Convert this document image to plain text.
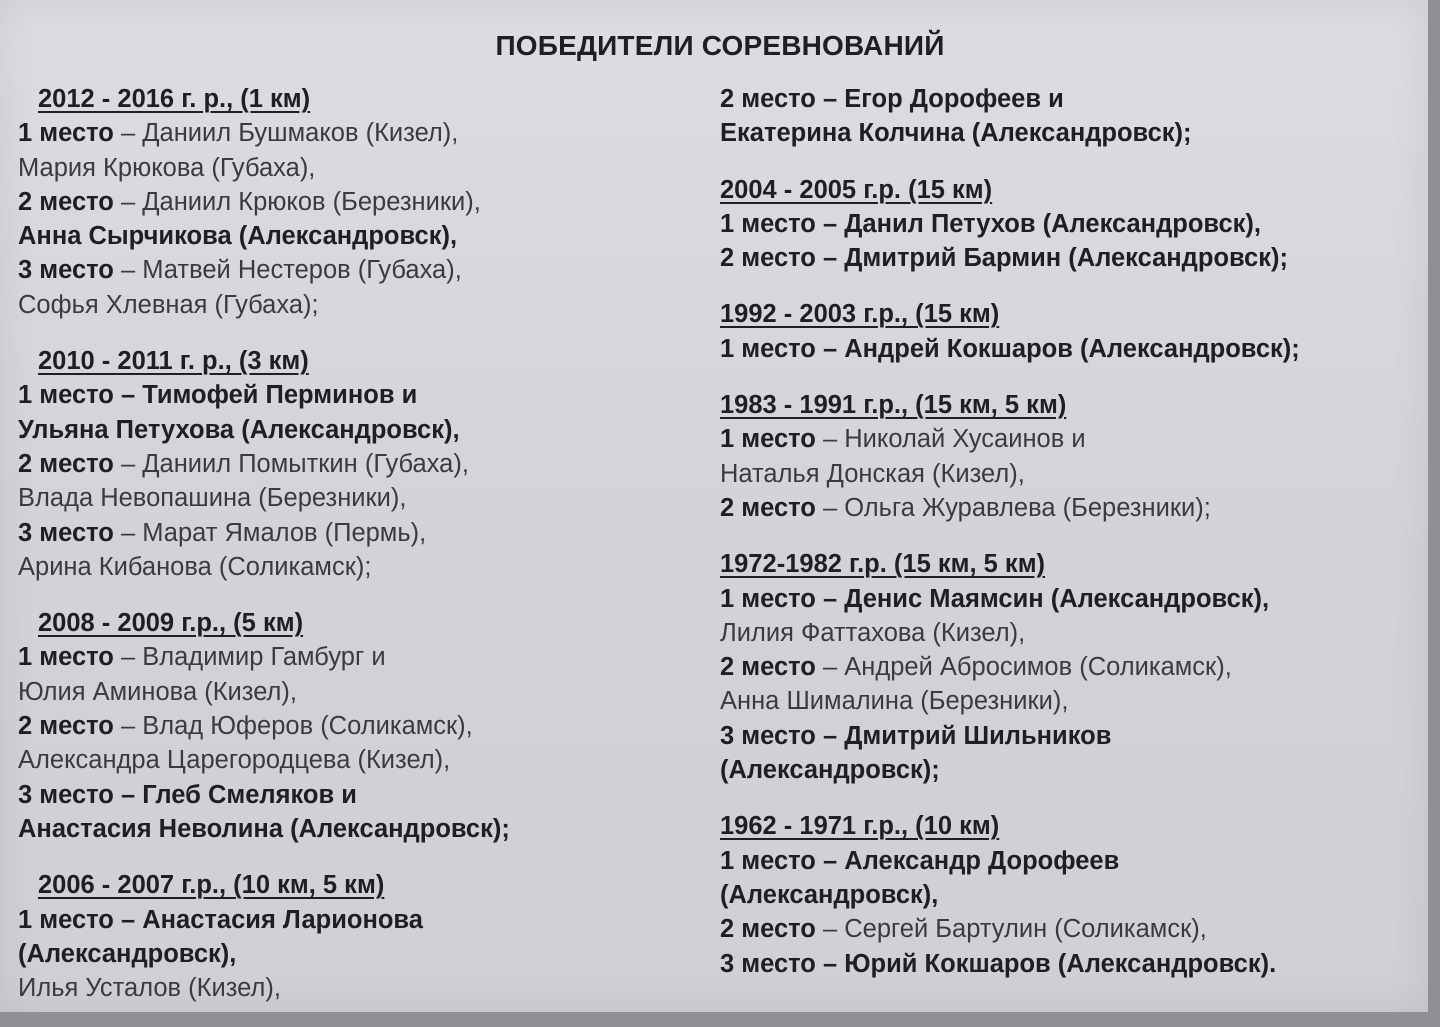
ПОБЕДИТЕЛИ СОРЕВНОВАНИЙ
2012 - 2016 г. р., (1 км)
1 место – Даниил Бушмаков (Кизел),
Мария Крюкова (Губаха),
2 место – Даниил Крюков (Березники),
Анна Сырчикова (Александровск),
3 место – Матвей Нестеров (Губаха),
Софья Хлевная (Губаха);
2010 - 2011 г. р., (3 км)
1 место – Тимофей Перминов и
Ульяна Петухова (Александровск),
2 место – Даниил Помыткин (Губаха),
Влада Невопашина (Березники),
3 место – Марат Ямалов (Пермь),
Арина Кибанова (Соликамск);
2008 - 2009 г.р., (5 км)
1 место – Владимир Гамбург и
Юлия Аминова (Кизел),
2 место – Влад Юферов (Соликамск),
Александра Царегородцева (Кизел),
3 место – Глеб Смеляков и
Анастасия Неволина (Александровск);
2006 - 2007 г.р., (10 км, 5 км)
1 место – Анастасия Ларионова
(Александровск),
Илья Усталов (Кизел),
2 место – Егор Дорофеев и
Екатерина Колчина (Александровск);
2004 - 2005 г.р. (15 км)
1 место – Данил Петухов (Александровск),
2 место – Дмитрий Бармин (Александровск);
1992 - 2003 г.р., (15 км)
1 место – Андрей Кокшаров (Александровск);
1983 - 1991 г.р., (15 км, 5 км)
1 место – Николай Хусаинов и
Наталья Донская (Кизел),
2 место – Ольга Журавлева (Березники);
1972-1982 г.р. (15 км, 5 км)
1 место – Денис Маямсин (Александровск),
Лилия Фаттахова (Кизел),
2 место – Андрей Абросимов (Соликамск),
Анна Шималина (Березники),
3 место – Дмитрий Шильников
(Александровск);
1962 - 1971 г.р., (10 км)
1 место – Александр Дорофеев
(Александровск),
2 место – Сергей Бартулин (Соликамск),
3 место – Юрий Кокшаров (Александровск).
